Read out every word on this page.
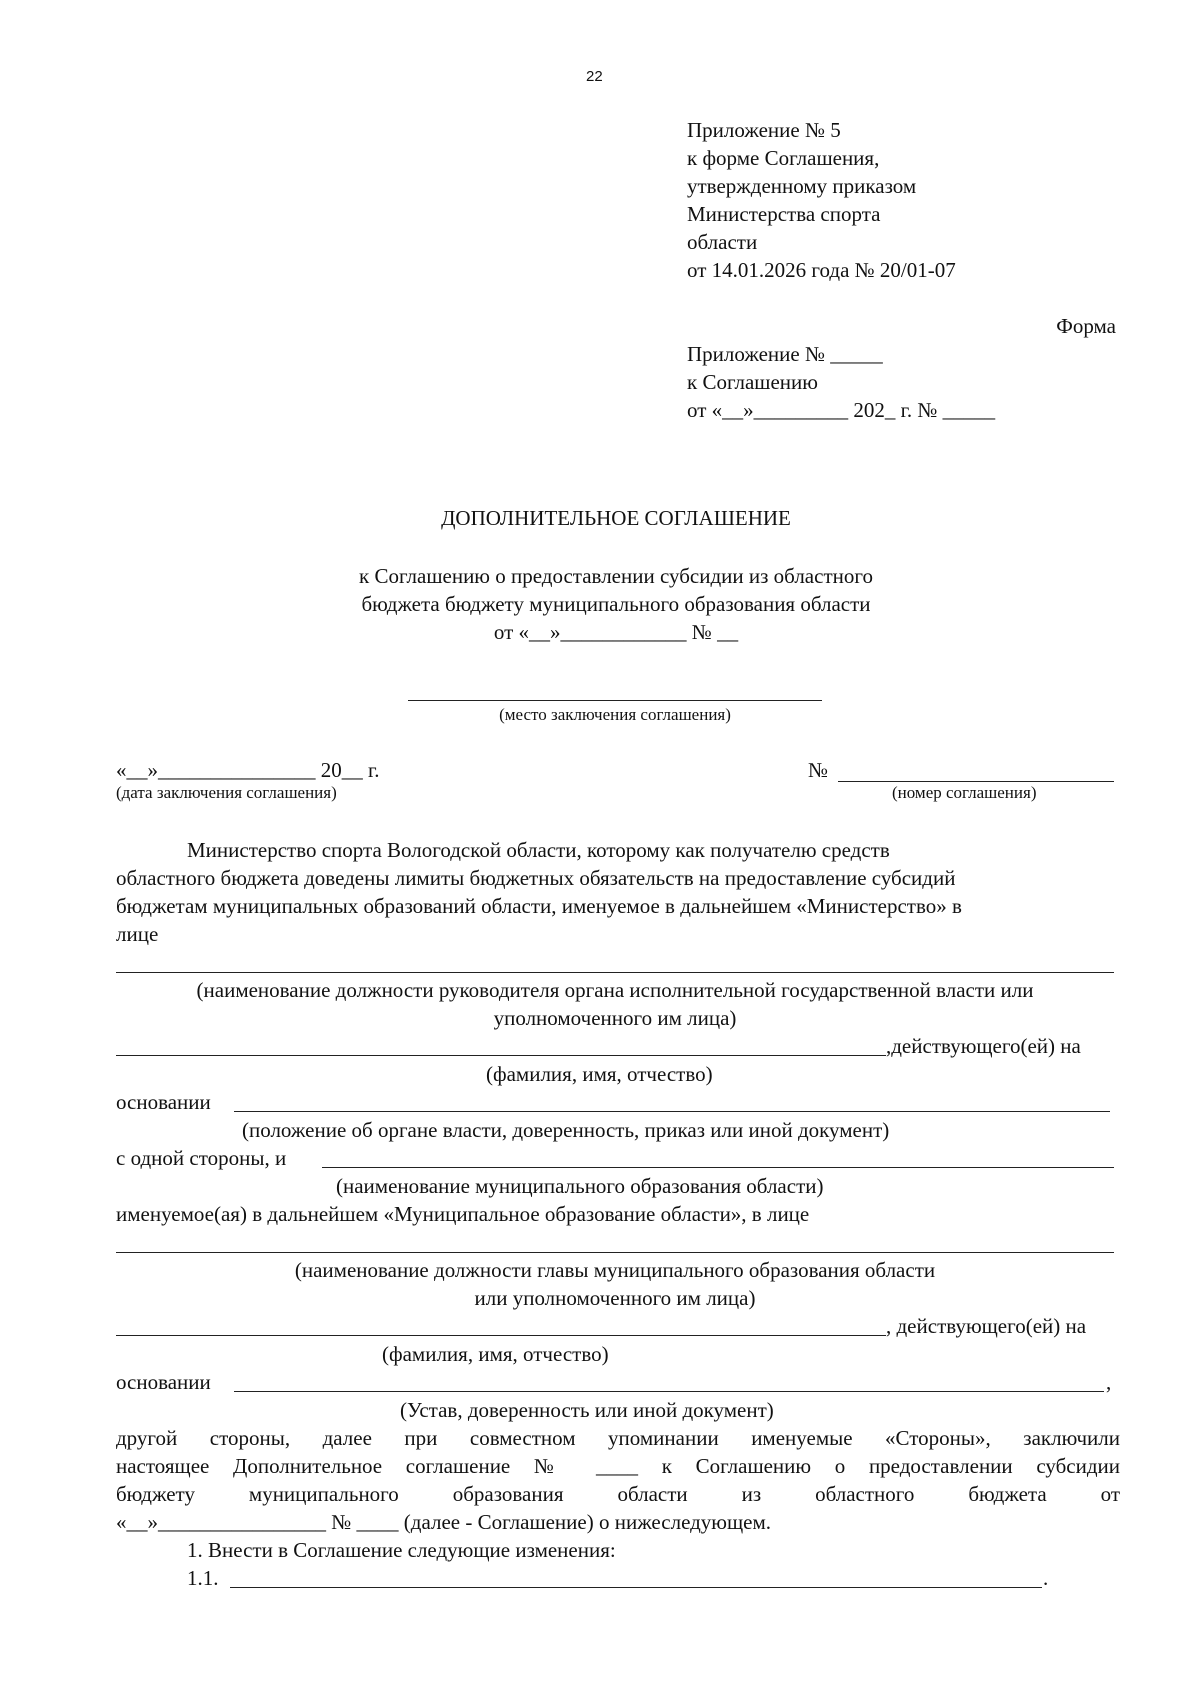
22
Приложение № 5
к форме Соглашения,
утвержденному приказом
Министерства спорта
области
от 14.01.2026 года № 20/01-07
Форма
Приложение № _____
к Соглашению
от «__»_________ 202_ г. № _____
ДОПОЛНИТЕЛЬНОЕ СОГЛАШЕНИЕ
к Соглашению о предоставлении субсидии из областного
бюджета бюджету муниципального образования области
от «__»____________ № __
(место заключения соглашения)
«__»_______________ 20__ г.
(дата заключения соглашения)
№
(номер соглашения)
Министерство спорта Вологодской области, которому как получателю средств
областного бюджета доведены лимиты бюджетных обязательств на предоставление субсидий
бюджетам муниципальных образований области, именуемое в дальнейшем «Министерство» в
лице
(наименование должности руководителя органа исполнительной государственной власти или
уполномоченного им лица)
,действующего(ей) на
(фамилия, имя, отчество)
основании
(положение об органе власти, доверенность, приказ или иной документ)
с одной стороны, и
(наименование муниципального образования области)
именуемое(ая) в дальнейшем «Муниципальное образование области», в лице
(наименование должности главы муниципального образования области
или уполномоченного им лица)
, действующего(ей) на
(фамилия, имя, отчество)
основании	,
(Устав, доверенность или иной документ)
другой стороны, далее при совместном упоминании именуемые «Стороны», заключили
настоящее Дополнительное соглашение № ____ к Соглашению о предоставлении субсидии
бюджету муниципального образования области из областного бюджета от
«__»________________ № ____ (далее - Соглашение) о нижеследующем.
1. Внести в Соглашение следующие изменения:
1.1.	.
